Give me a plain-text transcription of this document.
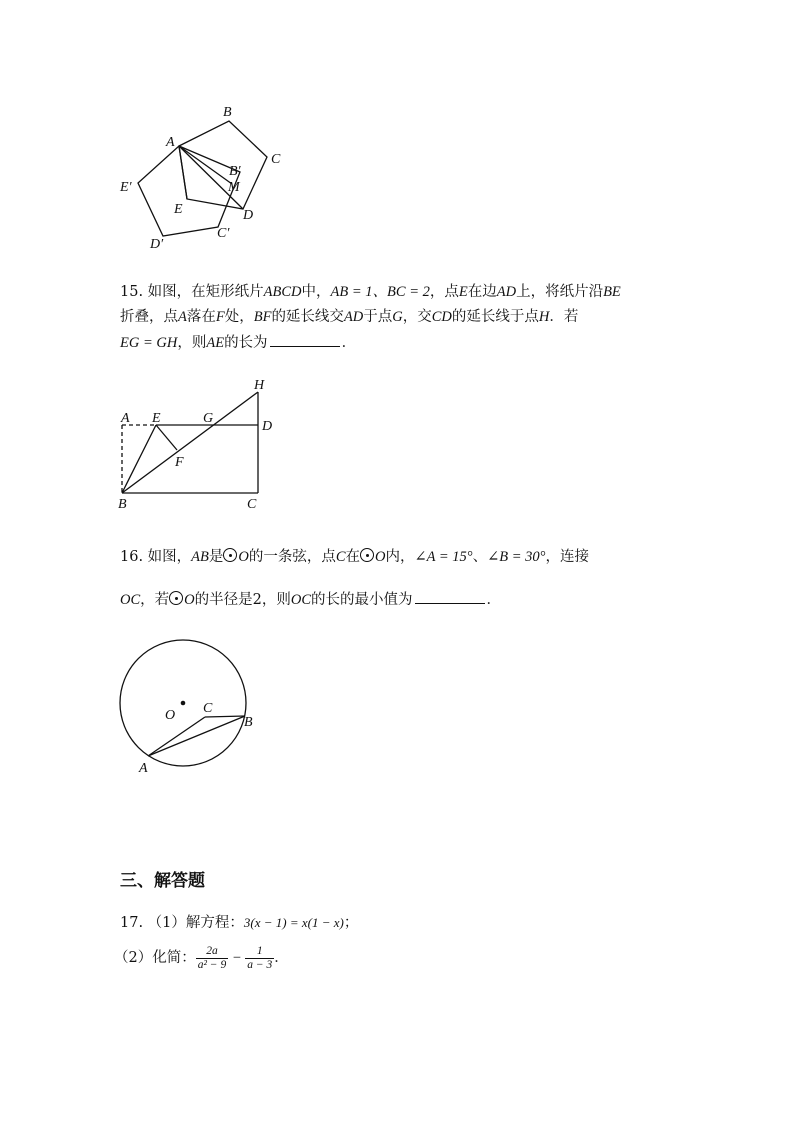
B
C
A
B′
M
E′
E	D
D′
C′
15. 如图，在矩形纸片ABCD中，AB = 1、BC = 2，点E在边AD上，将纸片沿BE
折叠，点A落在F处，BF的延长线交AD于点G，交CD的延长线于点H．若
EG = GH，则AE的长为	．
H
A E	G
D
F
B	C
16. 如图，AB是 O的一条弦，点C在 O内，∠A = 15°、∠B = 30°，连接
OC，若 O的半径是2，则OC的长的最小值为	．
O C
B
A
三、解答题
17. （1）解方程：3(x − 1) = x(1 − x)；
（2）化简： $\frac{2a}{\text{a² − 9}} - \frac{1}{a - 3}$ ．
